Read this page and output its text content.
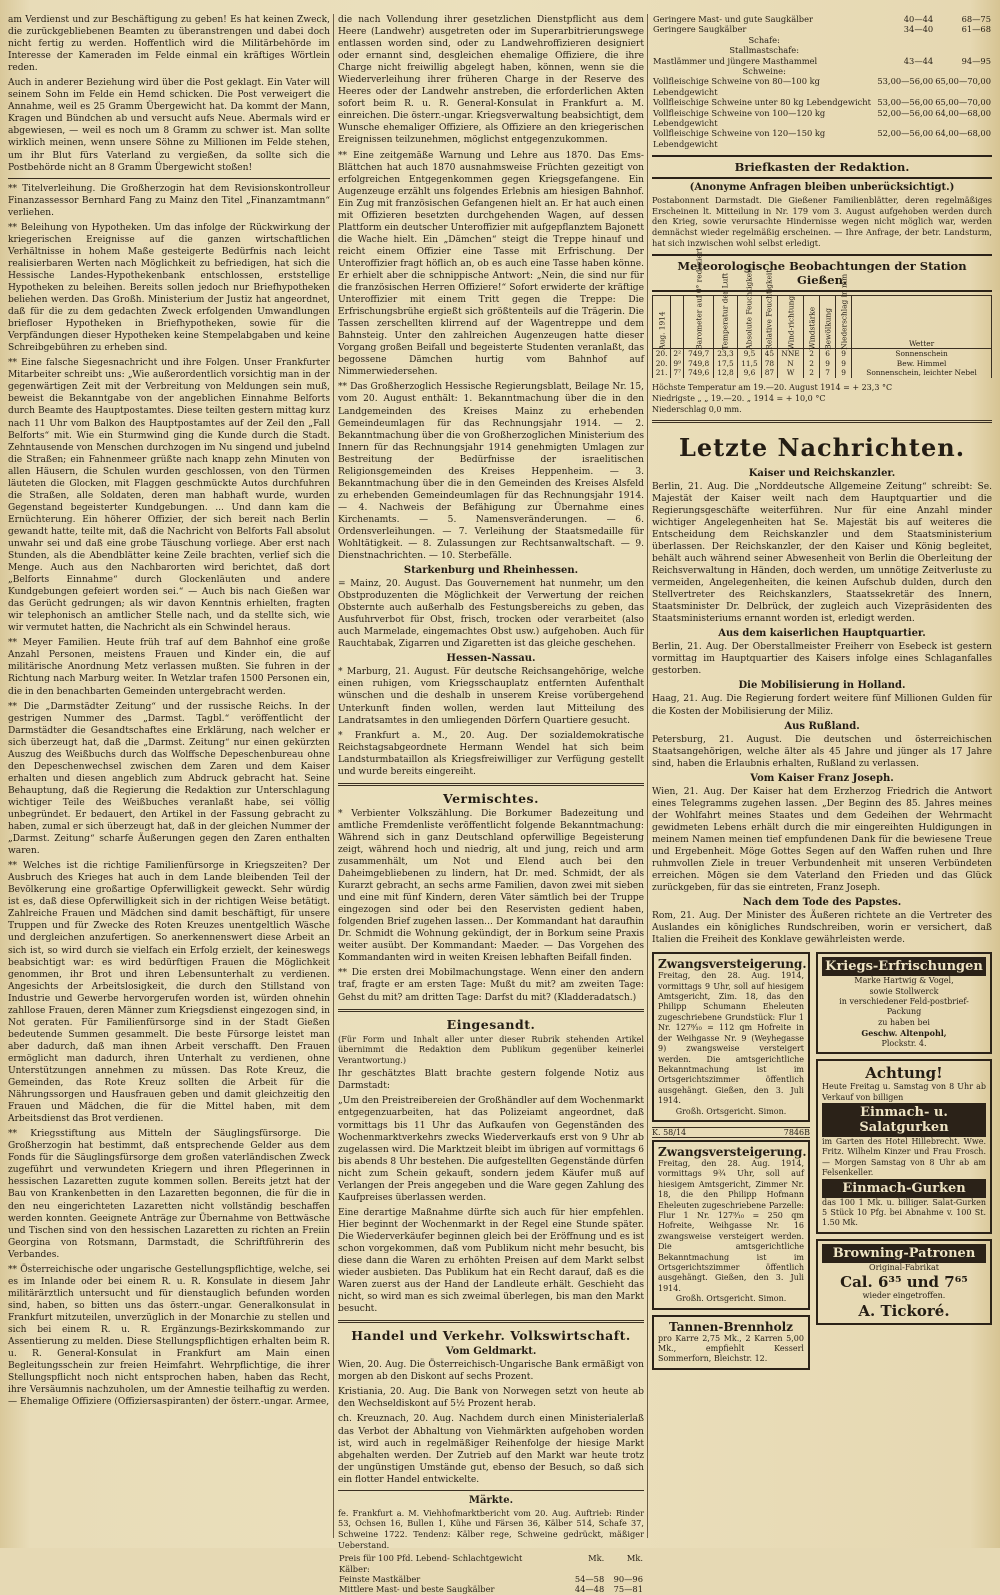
am Verdienst und zur Beschäftigung zu geben! Es hat keinen Zweck, die zurückgebliebenen Beamten zu überanstrengen und dabei doch nicht fertig zu werden. Hoffentlich wird die Militärbehörde im Interesse der Kameraden im Felde einmal ein kräftiges Wörtlein reden.

Auch in anderer Beziehung wird über die Post geklagt. Ein Vater will seinem Sohn im Felde ein Hemd schicken. Die Post verweigert die Annahme, weil es 25 Gramm Übergewicht hat. Da kommt der Mann, Kragen und Bündchen ab und versucht aufs Neue. Abermals wird er abgewiesen, — weil es noch um 8 Gramm zu schwer ist. Man sollte wirklich meinen, wenn unsere Söhne zu Millionen im Felde stehen, um ihr Blut fürs Vaterland zu vergießen, da sollte sich die Postbehörde nicht an 8 Gramm Übergewicht stoßen!

** Titelverleihung. Die Großherzogin hat dem Revisionskontrolleur Finanzassessor Bernhard Fang zu Mainz den Titel „Finanzamtmann“ verliehen.

** Beleihung von Hypotheken. Um das infolge der Rückwirkung der kriegerischen Ereignisse auf die ganzen wirtschaftlichen Verhältnisse in hohem Maße gesteigerte Bedürfnis nach leicht realisierbaren Werten nach Möglichkeit zu befriedigen, hat sich die Hessische Landes-Hypothekenbank entschlossen, erststellige Hypotheken zu beleihen. Bereits sollen jedoch nur Briefhypotheken beliehen werden. Das Großh. Ministerium der Justiz hat angeordnet, daß für die zu dem gedachten Zweck erfolgenden Umwandlungen briefloser Hypotheken in Briefhypotheken, sowie für die Verpfändungen dieser Hypotheken keine Stempelabgaben und keine Schreibgebühren zu erheben sind.

** Eine falsche Siegesnachricht und ihre Folgen. Unser Frankfurter Mitarbeiter schreibt uns: „Wie außerordentlich vorsichtig man in der gegenwärtigen Zeit mit der Verbreitung von Meldungen sein muß, beweist die Bekanntgabe von der angeblichen Einnahme Belforts durch Beamte des Hauptpostamtes. Diese teilten gestern mittag kurz nach 11 Uhr vom Balkon des Hauptpostamtes auf der Zeil den „Fall Belforts“ mit. Wie ein Sturmwind ging die Kunde durch die Stadt. Zehntausende von Menschen durchzogen im Nu singend und jubelnd die Straßen; ein Fahnenmeer grüßte nach knapp zehn Minuten von allen Häusern, die Schulen wurden geschlossen, von den Türmen läuteten die Glocken, mit Flaggen geschmückte Autos durchfuhren die Straßen, alle Soldaten, deren man habhaft wurde, wurden Gegenstand begeisterter Kundgebungen. ... Und dann kam die Ernüchterung. Ein höherer Offizier, der sich bereit nach Berlin gewandt hatte, teilte mit, daß die Nachricht von Belforts Fall absolut unwahr sei und daß eine grobe Täuschung vorliege. Aber erst nach Stunden, als die Abendblätter keine Zeile brachten, verlief sich die Menge. Auch aus den Nachbarorten wird berichtet, daß dort „Belforts Einnahme“ durch Glockenläuten und andere Kundgebungen gefeiert worden sei.“ — Auch bis nach Gießen war das Gerücht gedrungen; als wir davon Kenntnis erhielten, fragten wir telephonisch an amtlicher Stelle nach, und da stellte sich, wie wir vermutet hatten, die Nachricht als ein Schwindel heraus.

** Meyer Familien. Heute früh traf auf dem Bahnhof eine große Anzahl Personen, meistens Frauen und Kinder ein, die auf militärische Anordnung Metz verlassen mußten. Sie fuhren in der Richtung nach Marburg weiter. In Wetzlar trafen 1500 Personen ein, die in den benachbarten Gemeinden untergebracht werden.

** Die „Darmstädter Zeitung“ und der russische Reichs. In der gestrigen Nummer des „Darmst. Tagbl.“ veröffentlicht der Darmstädter die Gesandtschaftes eine Erklärung, nach welcher er sich überzeugt hat, daß die „Darmst. Zeitung“ nur einen gekürzten Auszug des Weißbuchs durch das Wolffsche Depeschenbureau ohne den Depeschenwechsel zwischen dem Zaren und dem Kaiser erhalten und diesen angeblich zum Abdruck gebracht hat. Seine Behauptung, daß die Regierung die Redaktion zur Unterschlagung wichtiger Teile des Weißbuches veranlaßt habe, sei völlig unbegründet. Er bedauert, den Artikel in der Fassung gebracht zu haben, zumal er sich überzeugt hat, daß in der gleichen Nummer der „Darmst. Zeitung“ scharfe Äußerungen gegen den Zaren enthalten waren.

** Welches ist die richtige Familienfürsorge in Kriegszeiten? Der Ausbruch des Krieges hat auch in dem Lande bleibenden Teil der Bevölkerung eine großartige Opferwilligkeit geweckt. Sehr würdig ist es, daß diese Opferwilligkeit sich in der richtigen Weise betätigt. Zahlreiche Frauen und Mädchen sind damit beschäftigt, für unsere Truppen und für Zwecke des Roten Kreuzes unentgeltlich Wäsche und dergleichen anzufertigen. So anerkennenswert diese Arbeit an sich ist, so wird durch sie vielfach ein Erfolg erzielt, der keineswegs beabsichtigt war: es wird bedürftigen Frauen die Möglichkeit genommen, ihr Brot und ihren Lebensunterhalt zu verdienen. Angesichts der Arbeitslosigkeit, die durch den Stillstand von Industrie und Gewerbe hervorgerufen worden ist, würden ohnehin zahllose Frauen, deren Männer zum Kriegsdienst eingezogen sind, in Not geraten. Für Familienfürsorge sind in der Stadt Gießen bedeutende Summen gesammelt. Die beste Fürsorge leistet man aber dadurch, daß man ihnen Arbeit verschafft. Den Frauen ermöglicht man dadurch, ihren Unterhalt zu verdienen, ohne Unterstützungen annehmen zu müssen. Das Rote Kreuz, die Gemeinden, das Rote Kreuz sollten die Arbeit für die Nährungssorgen und Hausfrauen geben und damit gleichzeitig den Frauen und Mädchen, die für die Mittel haben, mit dem Arbeitsdienst das Brot verdienen.

** Kriegsstiftung aus Mitteln der Säuglingsfürsorge. Die Großherzogin hat bestimmt, daß entsprechende Gelder aus dem Fonds für die Säuglingsfürsorge dem großen vaterländischen Zweck zugeführt und verwundeten Kriegern und ihren Pflegerinnen in hessischen Lazaretten zugute kommen sollen. Bereits jetzt hat der Bau von Krankenbetten in den Lazaretten begonnen, die für die in den neu eingerichteten Lazaretten nicht vollständig beschaffen werden konnten. Geeignete Anträge zur Übernahme von Bettwäsche und Tischen sind von den hessischen Lazaretten zu richten an Freiin Georgina von Rotsmann, Darmstadt, die Schriftführerin des Verbandes.

** Österreichische oder ungarische Gestellungspflichtige, welche, sei es im Inlande oder bei einem R. u. R. Konsulate in diesem Jahr militärärztlich untersucht und für dienstauglich befunden worden sind, haben, so bitten uns das österr.-ungar. Generalkonsulat in Frankfurt mitzuteilen, unverzüglich in der Monarchie zu stellen und sich bei einem R. u. R. Ergänzungs-Bezirkskommando zur Assentierung zu melden. Diese Stellungspflichtigen erhalten beim R. u. R. General-Konsulat in Frankfurt am Main einen Begleitungsschein zur freien Heimfahrt. Wehrpflichtige, die ihrer Stellungspflicht noch nicht entsprochen haben, haben das Recht, ihre Versäumnis nachzuholen, um der Amnestie teilhaftig zu werden. — Ehemalige Offiziere (Offiziersaspiranten) der österr.-ungar. Armee,

die nach Vollendung ihrer gesetzlichen Dienstpflicht aus dem Heere (Landwehr) ausgetreten oder im Superarbitrierungswege entlassen worden sind, oder zu Landwehroffizieren designiert oder ernannt sind, desgleichen ehemalige Offiziere, die ihre Charge nicht freiwillig abgelegt haben, können, wenn sie die Wiederverleihung ihrer früheren Charge in der Reserve des Heeres oder der Landwehr anstreben, die erforderlichen Akten sofort beim R. u. R. General-Konsulat in Frankfurt a. M. einreichen. Die österr.-ungar. Kriegsverwaltung beabsichtigt, dem Wunsche ehemaliger Offiziere, als Offiziere an den kriegerischen Ereignissen teilzunehmen, möglichst entgegenzukommen.

** Eine zeitgemäße Warnung und Lehre aus 1870. Das Ems-Blättchen hat auch 1870 ausnahmsweise Früchten gezeitigt von erfolgreichen Entgegenkommen gegen Kriegsgefangene. Ein Augenzeuge erzählt uns folgendes Erlebnis am hiesigen Bahnhof. Ein Zug mit französischen Gefangenen hielt an. Er hat auch einen mit Offizieren besetzten durchgehenden Wagen, auf dessen Plattform ein deutscher Unteroffizier mit aufgepflanztem Bajonett die Wache hielt. Ein „Dämchen“ steigt die Treppe hinauf und reicht einem Offizier eine Tasse mit Erfrischung. Der Unteroffizier fragt höflich an, ob es auch eine Tasse haben könne. Er erhielt aber die schnippische Antwort: „Nein, die sind nur für die französischen Herren Offiziere!“ Sofort erwiderte der kräftige Unteroffizier mit einem Tritt gegen die Treppe: Die Erfrischungsbrühe ergießt sich größtenteils auf die Trägerin. Die Tassen zerschellten klirrend auf der Wagentreppe und dem Bahnsteig. Unter den zahlreichen Augenzeugen hatte dieser Vorgang großen Beifall und begeisterte Studenten veranlaßt, das begossene Dämchen hurtig vom Bahnhof auf Nimmerwiedersehen.

** Das Großherzoglich Hessische Regierungsblatt, Beilage Nr. 15, vom 20. August enthält: 1. Bekanntmachung über die in den Landgemeinden des Kreises Mainz zu erhebenden Gemeindeumlagen für das Rechnungsjahr 1914. — 2. Bekanntmachung über die von Großherzoglichen Ministerium des Innern für das Rechnungsjahr 1914 genehmigten Umlagen zur Bestreitung der Bedürfnisse der israelitischen Religionsgemeinden des Kreises Heppenheim. — 3. Bekanntmachung über die in den Gemeinden des Kreises Alsfeld zu erhebenden Gemeindeumlagen für das Rechnungsjahr 1914. — 4. Nachweis der Befähigung zur Übernahme eines Kirchenamts. — 5. Namensveränderungen. — 6. Ordensverleihungen. — 7. Verleihung der Staatsmedaille für Wohltätigkeit. — 8. Zulassungen zur Rechtsanwaltschaft. — 9. Dienstnachrichten. — 10. Sterbefälle.

Starkenburg und Rheinhessen.

= Mainz, 20. August. Das Gouvernement hat nunmehr, um den Obstproduzenten die Möglichkeit der Verwertung der reichen Obsternte auch außerhalb des Festungsbereichs zu geben, das Ausfuhrverbot für Obst, frisch, trocken oder verarbeitet (also auch Marmelade, eingemachtes Obst usw.) aufgehoben. Auch für Rauchtabak, Zigarren und Zigaretten ist das gleiche geschehen.

Hessen-Nassau.

* Marburg, 21. August. Für deutsche Reichsangehörige, welche einen ruhigen, vom Kriegsschauplatz entfernten Aufenthalt wünschen und die deshalb in unserem Kreise vorübergehend Unterkunft finden wollen, werden laut Mitteilung des Landratsamtes in den umliegenden Dörfern Quartiere gesucht.

* Frankfurt a. M., 20. Aug. Der sozialdemokratische Reichstagsabgeordnete Hermann Wendel hat sich beim Landsturmbataillon als Kriegsfreiwilliger zur Verfügung gestellt und wurde bereits eingereiht.

Vermischtes.

* Verbienter Volkszählung. Die Borkumer Badezeitung und amtliche Fremdenliste veröffentlicht folgende Bekanntmachung: Während sich in ganz Deutschland opferwillige Begeisterung zeigt, während hoch und niedrig, alt und jung, reich und arm zusammenhält, um Not und Elend auch bei den Daheimgebliebenen zu lindern, hat Dr. med. Schmidt, der als Kurarzt gebracht, an sechs arme Familien, davon zwei mit sieben und eine mit fünf Kindern, deren Väter sämtlich bei der Truppe eingezogen sind oder bei den Reservisten gedient haben, folgenden Brief zugehen lassen... Der Kommandant hat daraufhin Dr. Schmidt die Wohnung gekündigt, der in Borkum seine Praxis weiter ausübt. Der Kommandant: Maeder. — Das Vorgehen des Kommandanten wird in weiten Kreisen lebhaften Beifall finden.

** Die ersten drei Mobilmachungstage. Wenn einer den andern traf, fragte er am ersten Tage: Mußt du mit? am zweiten Tage: Gehst du mit? am dritten Tage: Darfst du mit? (Kladderadatsch.)

Eingesandt.

(Für Form und Inhalt aller unter dieser Rubrik stehenden Artikel übernimmt die Redaktion dem Publikum gegenüber keinerlei Verantwortung.)

Ihr geschätztes Blatt brachte gestern folgende Notiz aus Darmstadt:

„Um den Preistreibereien der Großhändler auf dem Wochenmarkt entgegenzuarbeiten, hat das Polizeiamt angeordnet, daß vormittags bis 11 Uhr das Aufkaufen von Gegenständen des Wochenmarktverkehrs zwecks Wiederverkaufs erst von 9 Uhr ab zugelassen wird. Die Marktzeit bleibt im übrigen auf vormittags 6 bis abends 8 Uhr bestehen. Die aufgestellten Gegenstände dürfen nicht zum Schein gekauft, sondern jedem Käufer muß auf Verlangen der Preis angegeben und die Ware gegen Zahlung des Kaufpreises überlassen werden.

Eine derartige Maßnahme dürfte sich auch für hier empfehlen. Hier beginnt der Wochenmarkt in der Regel eine Stunde später. Die Wiederverkäufer beginnen gleich bei der Eröffnung und es ist schon vorgekommen, daß vom Publikum nicht mehr besucht, bis diese dann die Waren zu erhöhten Preisen auf dem Markt selbst wieder ausbieten. Das Publikum hat ein Recht darauf, daß es die Waren zuerst aus der Hand der Landleute erhält. Geschieht das nicht, so wird man es sich zweimal überlegen, bis man den Markt besucht.

Handel und Verkehr. Volkswirtschaft.
Vom Geldmarkt.

Wien, 20. Aug. Die Österreichisch-Ungarische Bank ermäßigt von morgen ab den Diskont auf sechs Prozent.

Kristiania, 20. Aug. Die Bank von Norwegen setzt von heute ab den Wechseldiskont auf 5½ Prozent herab.

ch. Kreuznach, 20. Aug. Nachdem durch einen Ministerialerlaß das Verbot der Abhaltung von Viehmärkten aufgehoben worden ist, wird auch in regelmäßiger Reihenfolge der hiesige Markt abgehalten werden. Der Zutrieb auf den Markt war heute trotz der ungünstigen Umstände gut, ebenso der Besuch, so daß sich ein flotter Handel entwickelte.

Märkte.

fe. Frankfurt a. M. Viehhofmarktbericht vom 20. Aug. Auftrieb: Rinder 53, Ochsen 16, Bullen 1, Kühe und Färsen 36, Kälber 514, Schafe 37, Schweine 1722. Tendenz: Kälber rege, Schweine gedrückt, mäßiger Ueberstand.

Preis für 100 Pfd. Lebend- Schlachtgewicht	Mk.	Mk.
Kälber:		
Feinste Mastkälber	54—58	90—96
Mittlere Mast- und beste Saugkälber	44—48	75—81
Geringere Mast- und gute Saugkälber	40—44	68—75
Geringere Saugkälber	34—40	61—68
Schafe:		
Stallmastschafe:		
Mastlämmer und jüngere Masthammel	43—44	94—95
Schweine:		
Vollfleischige Schweine von 80—100 kg Lebendgewicht	53,00—56,00	65,00—70,00
Vollfleischige Schweine unter 80 kg Lebendgewicht	53,00—56,00	65,00—70,00
Vollfleischige Schweine von 100—120 kg Lebendgewicht	52,00—56,00	64,00—68,00
Vollfleischige Schweine von 120—150 kg Lebendgewicht	52,00—56,00	64,00—68,00
Briefkasten der Redaktion.
(Anonyme Anfragen bleiben unberücksichtigt.)

Postabonnent Darmstadt. Die Gießener Familienblätter, deren regelmäßiges Erscheinen lt. Mitteilung in Nr. 179 vom 3. August aufgehoben werden durch den Krieg, sowie verursachte Hindernisse wegen nicht möglich war, werden demnächst wieder regelmäßig erscheinen. — Ihre Anfrage, der betr. Landsturm, hat sich inzwischen wohl selbst erledigt.

Meteorologische Beobachtungen der Station Gießen.
Aug. 1914		Barometer auf 0° reduziert	Temperatur der Luft	Absolute Feuchtigkeit	Relative Feuchtigkeit	Wind-richtung	Windstärke	Bewölkung	Niederschlag in mm	Wetter
20.	2²	749,7	23,3	9,5	45	NNE	2	6	9	Sonnenschein
20.	9⁹	749,8	17,5	11,5	78	N	2	9	9	Bew. Himmel
21.	7⁷	749,6	12,8	9,6	87	W	2	7	9	Sonnenschein, leichter Nebel
Höchste Temperatur am 19.—20. August 1914 = + 23,3 °C
Niedrigste „ „ 19.—20. „ 1914 = + 10,0 °C
Niederschlag 0,0 mm.
Letzte Nachrichten.
Kaiser und Reichskanzler.

Berlin, 21. Aug. Die „Norddeutsche Allgemeine Zeitung“ schreibt: Se. Majestät der Kaiser weilt nach dem Hauptquartier und die Regierungsgeschäfte weiterführen. Nur für eine Anzahl minder wichtiger Angelegenheiten hat Se. Majestät bis auf weiteres die Entscheidung dem Reichskanzler und dem Staatsministerium überlassen. Der Reichskanzler, der den Kaiser und König begleitet, behält auch während seiner Abwesenheit von Berlin die Oberleitung der Reichsverwaltung in Händen, doch werden, um unnötige Zeitverluste zu vermeiden, Angelegenheiten, die keinen Aufschub dulden, durch den Stellvertreter des Reichskanzlers, Staatssekretär des Innern, Staatsminister Dr. Delbrück, der zugleich auch Vizepräsidenten des Staatsministeriums ernannt worden ist, erledigt werden.

Aus dem kaiserlichen Hauptquartier.

Berlin, 21. Aug. Der Oberstallmeister Freiherr von Esebeck ist gestern vormittag im Hauptquartier des Kaisers infolge eines Schlaganfalles gestorben.

Die Mobilisierung in Holland.

Haag, 21. Aug. Die Regierung fordert weitere fünf Millionen Gulden für die Kosten der Mobilisierung der Miliz.

Aus Rußland.

Petersburg, 21. August. Die deutschen und österreichischen Staatsangehörigen, welche älter als 45 Jahre und jünger als 17 Jahre sind, haben die Erlaubnis erhalten, Rußland zu verlassen.

Vom Kaiser Franz Joseph.

Wien, 21. Aug. Der Kaiser hat dem Erzherzog Friedrich die Antwort eines Telegramms zugehen lassen. „Der Beginn des 85. Jahres meines der Wohlfahrt meines Staates und dem Gedeihen der Wehrmacht gewidmeten Lebens erhält durch die mir eingereihten Huldigungen in meinem Namen meinen tief empfundenen Dank für die bewiesene Treue und Ergebenheit. Möge Gottes Segen auf den Waffen ruhen und Ihre ruhmvollen Ziele in treuer Verbundenheit mit unseren Verbündeten erreichen. Mögen sie dem Vaterland den Frieden und das Glück zurückgeben, für das sie eintreten, Franz Joseph.

Nach dem Tode des Papstes.

Rom, 21. Aug. Der Minister des Äußeren richtete an die Vertreter des Auslandes ein königliches Rundschreiben, worin er versichert, daß Italien die Freiheit des Konklave gewährleisten werde.

Zwangsversteigerung.
Freitag, den 28. Aug. 1914, vormittags 9 Uhr, soll auf hiesigem Amtsgericht, Zim. 18, das den Philipp Schumann Eheleuten zugeschriebene Grundstück: Flur 1 Nr. 127⁸⁄₁₀ = 112 qm Hofreite in der Weihgasse Nr. 9 (Weyhegasse 9) zwangsweise versteigert werden. Die amtsgerichtliche Bekanntmachung ist im Ortsgerichtszimmer öffentlich ausgehängt. Gießen, den 3. Juli 1914.
Großh. Ortsgericht. Simon.
K. 58/14	7846B
Zwangsversteigerung.
Freitag, den 28. Aug. 1914, vormittags 9¾ Uhr, soll auf hiesigem Amtsgericht, Zimmer Nr. 18, die den Philipp Hofmann Eheleuten zugeschriebene Parzelle: Flur 1 Nr. 127⁹⁄₁₀ = 250 qm Hofreite, Weihgasse Nr. 16 zwangsweise versteigert werden. Die amtsgerichtliche Bekanntmachung ist im Ortsgerichtszimmer öffentlich ausgehängt. Gießen, den 3. Juli 1914.
Großh. Ortsgericht. Simon.
Tannen-Brennholz
pro Karre 2,75 Mk., 2 Karren 5,00 Mk., empfiehlt Kesserl Sommerforn, Bleichstr. 12.
Kriegs-Erfrischungen
Marke Hartwig & Vogel,
sowie Stollwerck
in verschiedener Feld-postbrief-Packung
zu haben bei
Geschw. Altenpohl,
Plockstr. 4.
Achtung!
Heute Freitag u. Samstag von 8 Uhr ab Verkauf von billigen
Einmach- u. Salatgurken
im Garten des Hotel Hillebrecht. Wwe. Fritz. Wilhelm Kinzer und Frau Frosch. — Morgen Samstag von 8 Uhr ab am Felsenkeller.
Einmach-Gurken
das 100 1 Mk. u. billiger. Salat-Gurken 5 Stück 10 Pfg. bei Abnahme v. 100 St. 1.50 Mk.
Browning-Patronen
Original-Fabrikat
Cal. 6³⁵ und 7⁶⁵
wieder eingetroffen.
A. Tickoré.
